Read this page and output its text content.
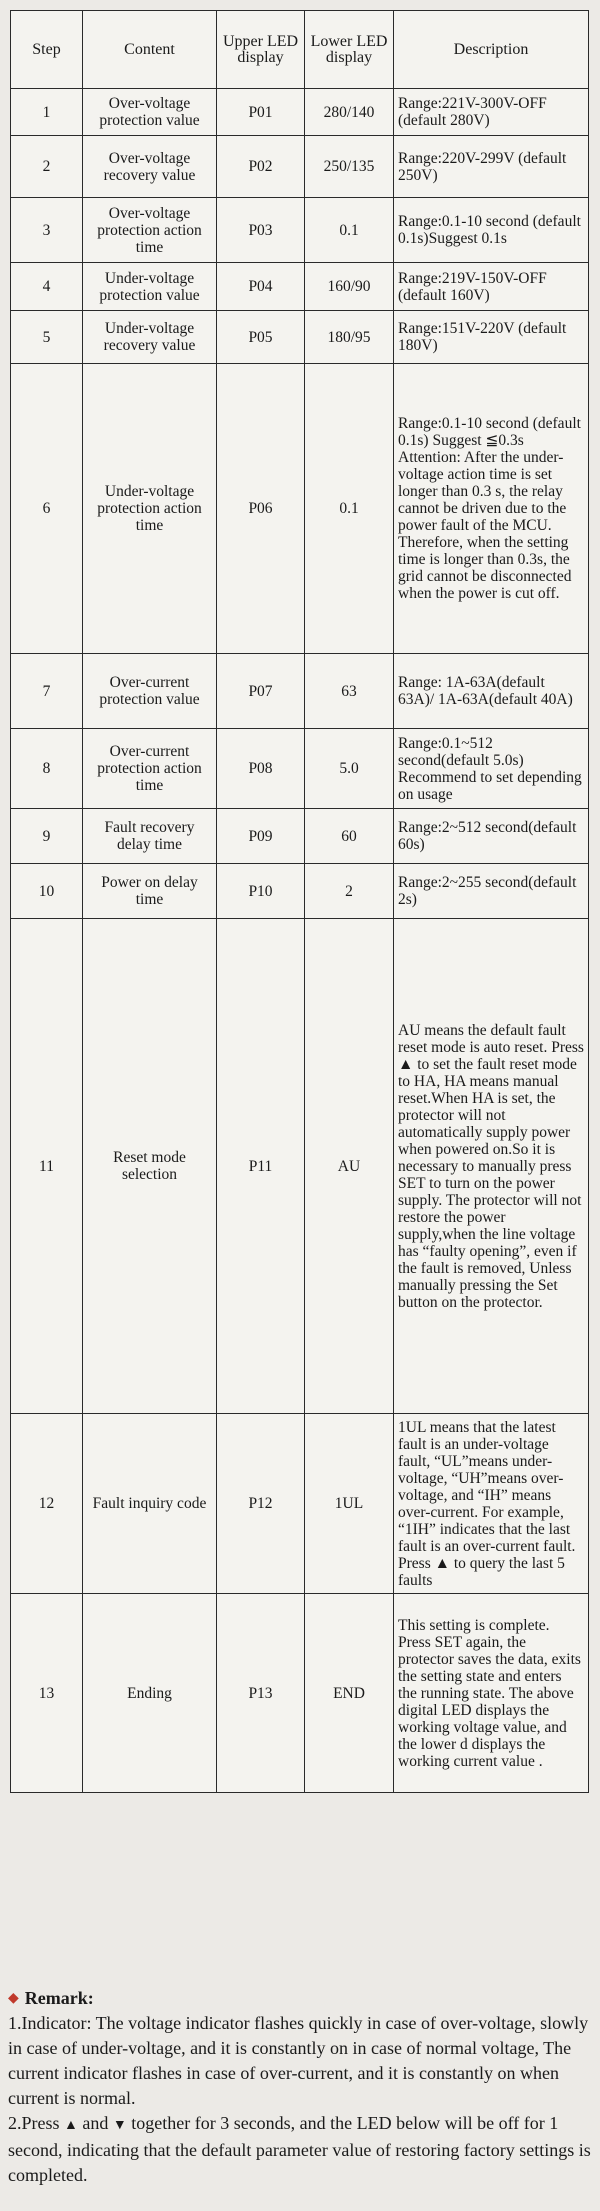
Step	Content	Upper LED display	Lower LED display	Description
1	Over-voltage protection value	P01	280/140	Range:221V-300V-OFF (default 280V)
2	Over-voltage recovery value	P02	250/135	Range:220V-299V (default 250V)
3	Over-voltage protection action time	P03	0.1	Range:0.1-10 second (default 0.1s)Suggest 0.1s
4	Under-voltage protection value	P04	160/90	Range:219V-150V-OFF (default 160V)
5	Under-voltage recovery value	P05	180/95	Range:151V-220V (default 180V)
6	Under-voltage protection action time	P06	0.1	Range:0.1-10 second (default 0.1s) Suggest ≦0.3s Attention: After the under-voltage action time is set longer than 0.3 s, the relay cannot be driven due to the power fault of the MCU. Therefore, when the setting time is longer than 0.3s, the grid cannot be disconnected when the power is cut off.
7	Over-current protection value	P07	63	Range: 1A-63A(default 63A)/ 1A-63A(default 40A)
8	Over-current protection action time	P08	5.0	Range:0.1~512 second(default 5.0s) Recommend to set depending on usage
9	Fault recovery delay time	P09	60	Range:2~512 second(default 60s)
10	Power on delay time	P10	2	Range:2~255 second(default 2s)
11	Reset mode selection	P11	AU	AU means the default fault reset mode is auto reset. Press ▲ to set the fault reset mode to HA, HA means manual reset.When HA is set, the protector will not automatically supply power when powered on.So it is necessary to manually press SET to turn on the power supply. The protector will not restore the power supply,when the line voltage has “faulty opening”, even if the fault is removed, Unless manually pressing the Set button on the protector.
12	Fault inquiry code	P12	1UL	1UL means that the latest fault is an under-voltage fault, “UL”means under-voltage, “UH”means over-voltage, and “IH” means over-current. For example, “1IH” indicates that the last fault is an over-current fault. Press ▲ to query the last 5 faults
13	Ending	P13	END	This setting is complete. Press SET again, the protector saves the data, exits the setting state and enters the running state. The above digital LED displays the working voltage value, and the lower d displays the working current value .
◆ Remark:

1.Indicator: The voltage indicator flashes quickly in case of over-voltage, slowly in case of under-voltage, and it is constantly on in case of normal voltage, The current indicator flashes in case of over-current, and it is constantly on when current is normal.

2.Press ▲ and ▼ together for 3 seconds, and the LED below will be off for 1 second, indicating that the default parameter value of restoring factory settings is completed.
